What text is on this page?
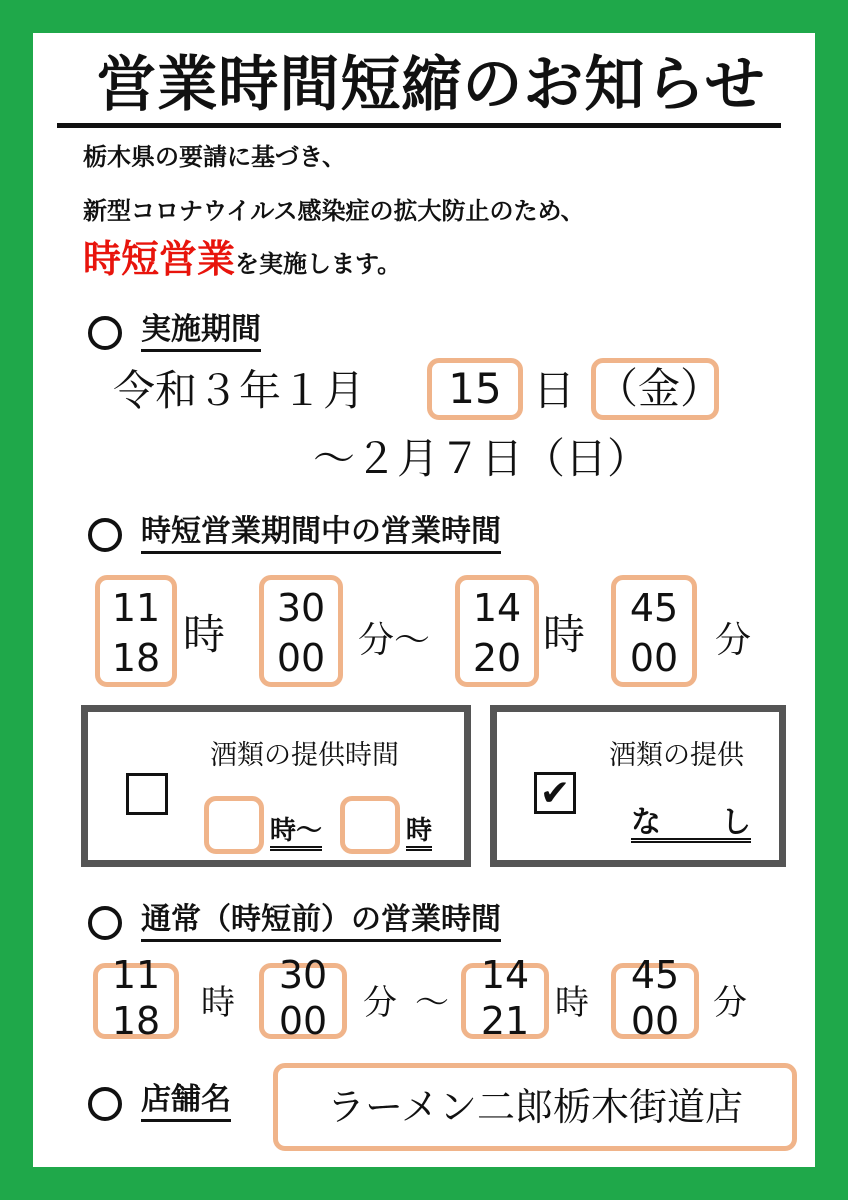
営業時間短縮のお知らせ
栃木県の要請に基づき、
新型コロナウイルス感染症の拡大防止のため、
時短営業を実施します。
実施期間
令和３年１月	15 日 （金）
～２月７日（日）
時短営業期間中の営業時間
11
18 時
30
00 分～
14
20 時
45
00	分
酒類の提供時間
時～	時
✔
酒類の提供
な　　し
通常（時短前）の営業時間
11
18	時
30
00	分 ～
14
21 時
45
00 分
店舗名	ラーメン二郎栃木街道店
